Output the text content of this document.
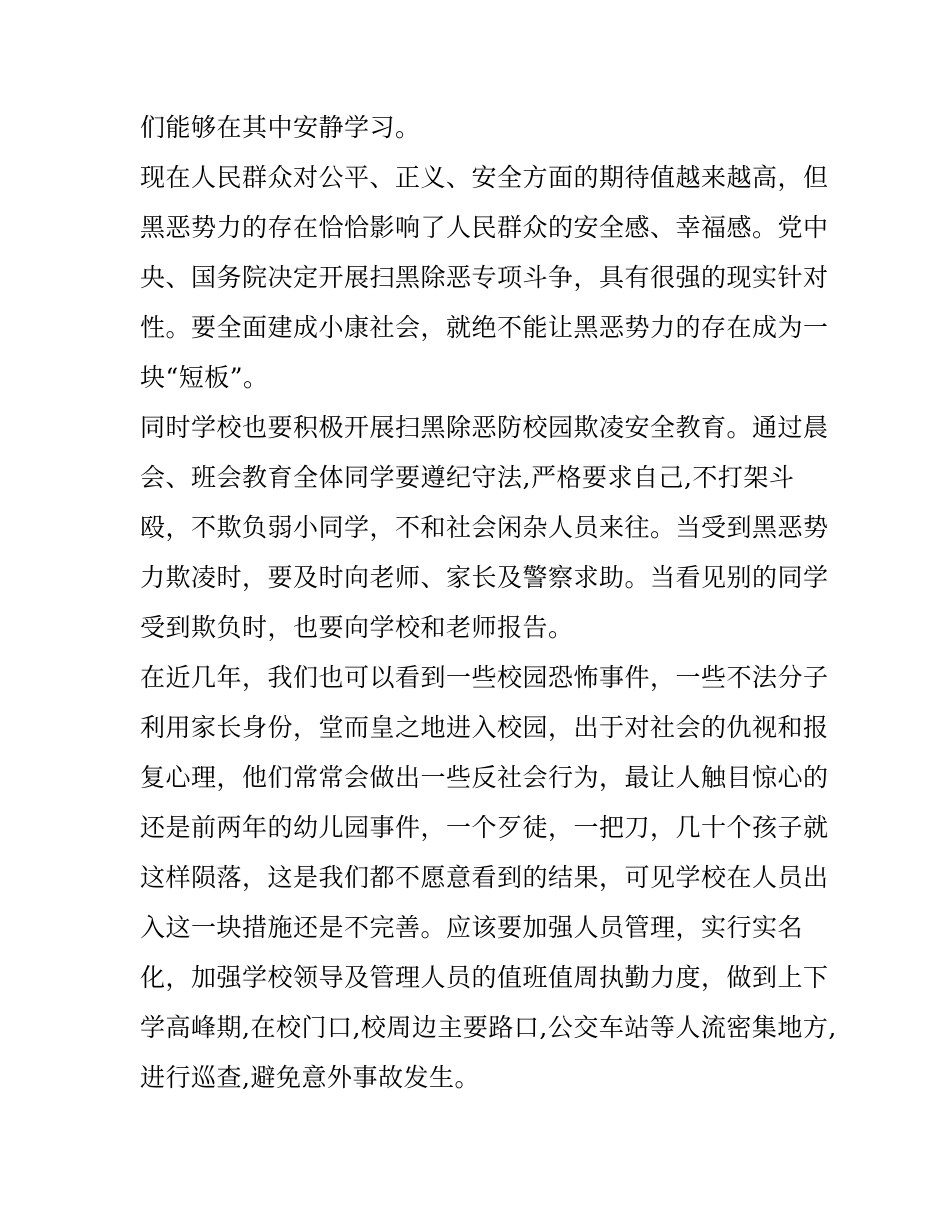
们能够在其中安静学习。
现在人民群众对公平、正义、安全方面的期待值越来越高，但
黑恶势力的存在恰恰影响了人民群众的安全感、幸福感。党中
央、国务院决定开展扫黑除恶专项斗争，具有很强的现实针对
性。要全面建成小康社会，就绝不能让黑恶势力的存在成为一
块“短板”。
同时学校也要积极开展扫黑除恶防校园欺凌安全教育。通过晨
会、班会教育全体同学要遵纪守法,严格要求自己,不打架斗
殴，不欺负弱小同学，不和社会闲杂人员来往。当受到黑恶势
力欺凌时，要及时向老师、家长及警察求助。当看见别的同学
受到欺负时，也要向学校和老师报告。
在近几年，我们也可以看到一些校园恐怖事件，一些不法分子
利用家长身份，堂而皇之地进入校园，出于对社会的仇视和报
复心理，他们常常会做出一些反社会行为，最让人触目惊心的
还是前两年的幼儿园事件，一个歹徒，一把刀，几十个孩子就
这样陨落，这是我们都不愿意看到的结果，可见学校在人员出
入这一块措施还是不完善。应该要加强人员管理，实行实名
化，加强学校领导及管理人员的值班值周执勤力度，做到上下
学高峰期,在校门口,校周边主要路口,公交车站等人流密集地方,
进行巡查,避免意外事故发生。
